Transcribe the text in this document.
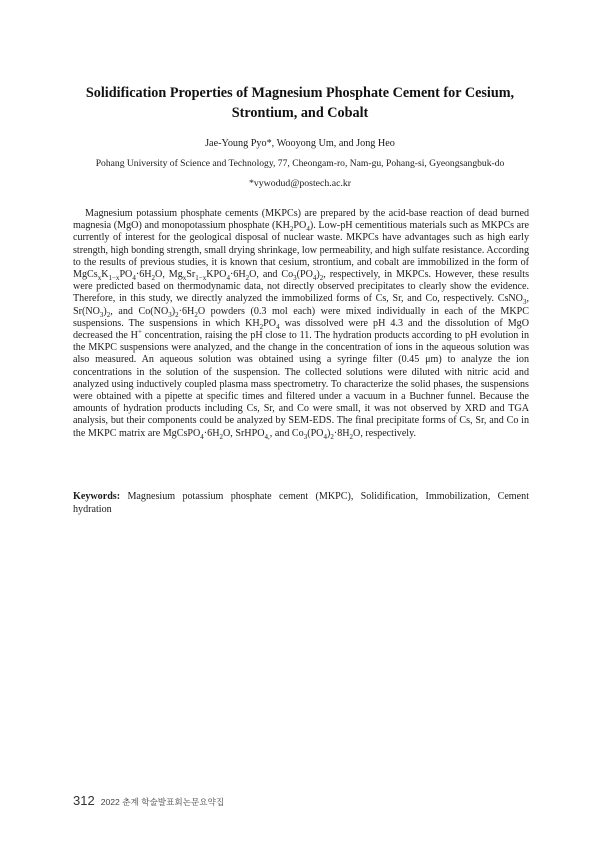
Solidification Properties of Magnesium Phosphate Cement for Cesium, Strontium, and Cobalt
Jae-Young Pyo*, Wooyong Um, and Jong Heo
Pohang University of Science and Technology, 77, Cheongam-ro, Nam-gu, Pohang-si, Gyeongsangbuk-do
*vywodud@postech.ac.kr

Magnesium potassium phosphate cements (MKPCs) are prepared by the acid-base reaction of dead burned magnesia (MgO) and monopotassium phosphate $(KH_2PO_4)$. Low-pH cementitious materials such as MKPCs are currently of interest for the geological disposal of nuclear waste. MKPCs have advantages such as high early strength, high bonding strength, small drying shrinkage, low permeability, and high sulfate resistance. According to the results of previous studies, it is known that cesium, strontium, and cobalt are immobilized in the form of $MgCs_xK_{1-x}PO_4\cdot 6H_2O$, $Mg_xSr_{1-x}KPO_4\cdot 6H_2O$, and $Co_3(PO_4)_2$, respectively, in MKPCs. However, these results were predicted based on thermodynamic data, not directly observed precipitates to clearly show the evidence. Therefore, in this study, we directly analyzed the immobilized forms of Cs, Sr, and Co, respectively. CsNO$_3$, $Sr(NO_3)_2$, and $Co(NO_3)_2\cdot 6H_2O$ powders (0.3 mol each) were mixed individually in each of the MKPC suspensions. The suspensions in which $KH_2PO_4$ was dissolved were pH 4.3 and the dissolution of MgO decreased the H+ concentration, raising the pH close to 11. The hydration products according to pH evolution in the MKPC suspensions were analyzed, and the change in the concentration of ions in the aqueous solution was also measured. An aqueous solution was obtained using a syringe filter (0.45 μm) to analyze the ion concentrations in the solution of the suspension. The collected solutions were diluted with nitric acid and analyzed using inductively coupled plasma mass spectrometry. To characterize the solid phases, the suspensions were obtained with a pipette at specific times and filtered under a vacuum in a Buchner funnel. Because the amounts of hydration products including Cs, Sr, and Co were small, it was not observed by XRD and TGA analysis, but their components could be analyzed by SEM-EDS. The final precipitate forms of Cs, Sr, and Co in the MKPC matrix are $MgCsPO_4\cdot 6H_2O$, SrHPO$_{4,}$, and $Co_3(PO_4)_2\cdot 8H_2O$, respectively.

Keywords: Magnesium potassium phosphate cement (MKPC), Solidification, Immobilization, Cement hydration

312 2022 춘계 학술발표회논문요약집
